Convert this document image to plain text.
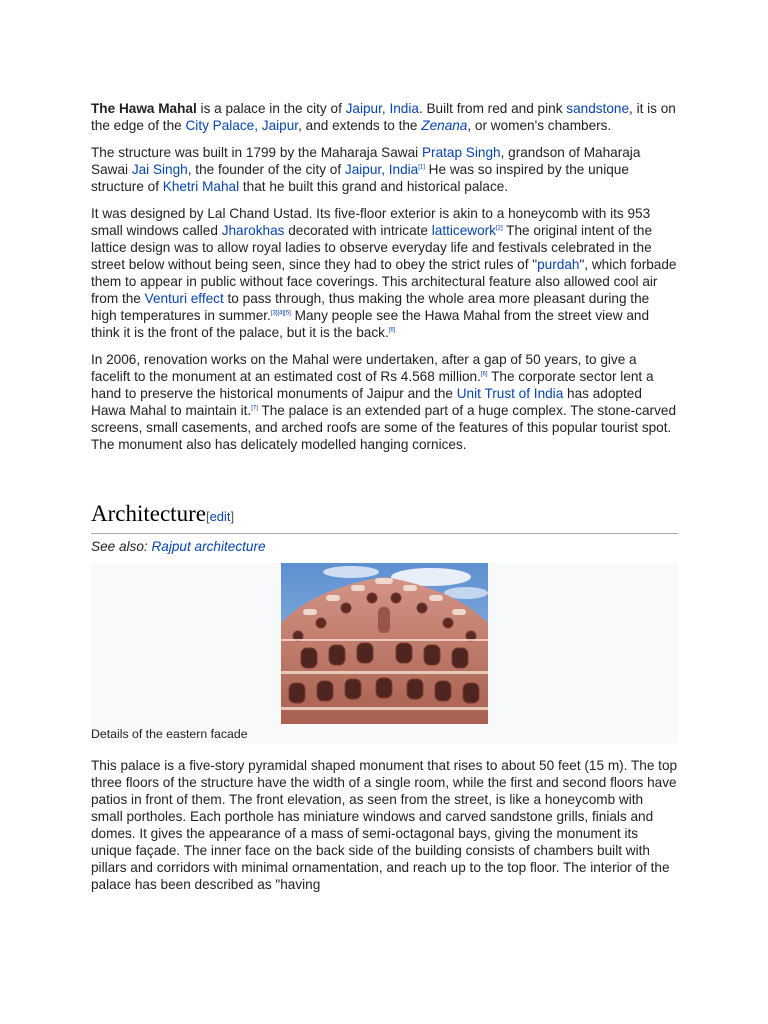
The Hawa Mahal is a palace in the city of Jaipur, India. Built from red and pink sandstone, it is on the edge of the City Palace, Jaipur, and extends to the Zenana, or women's chambers.

The structure was built in 1799 by the Maharaja Sawai Pratap Singh, grandson of Maharaja Sawai Jai Singh, the founder of the city of Jaipur, India[1] He was so inspired by the unique structure of Khetri Mahal that he built this grand and historical palace.

It was designed by Lal Chand Ustad. Its five-floor exterior is akin to a honeycomb with its 953 small windows called Jharokhas decorated with intricate latticework[2] The original intent of the lattice design was to allow royal ladies to observe everyday life and festivals celebrated in the street below without being seen, since they had to obey the strict rules of "purdah", which forbade them to appear in public without face coverings. This architectural feature also allowed cool air from the Venturi effect to pass through, thus making the whole area more pleasant during the high temperatures in summer.[3][4][5] Many people see the Hawa Mahal from the street view and think it is the front of the palace, but it is the back.[6]

In 2006, renovation works on the Mahal were undertaken, after a gap of 50 years, to give a facelift to the monument at an estimated cost of Rs 4.568 million.[6] The corporate sector lent a hand to preserve the historical monuments of Jaipur and the Unit Trust of India has adopted Hawa Mahal to maintain it.[7] The palace is an extended part of a huge complex. The stone-carved screens, small casements, and arched roofs are some of the features of this popular tourist spot. The monument also has delicately modelled hanging cornices.

Architecture[edit]
See also: Rajput architecture
Details of the eastern facade

This palace is a five-story pyramidal shaped monument that rises to about 50 feet (15 m). The top three floors of the structure have the width of a single room, while the first and second floors have patios in front of them. The front elevation, as seen from the street, is like a honeycomb with small portholes. Each porthole has miniature windows and carved sandstone grills, finials and domes. It gives the appearance of a mass of semi-octagonal bays, giving the monument its unique façade. The inner face on the back side of the building consists of chambers built with pillars and corridors with minimal ornamentation, and reach up to the top floor. The interior of the palace has been described as "having
